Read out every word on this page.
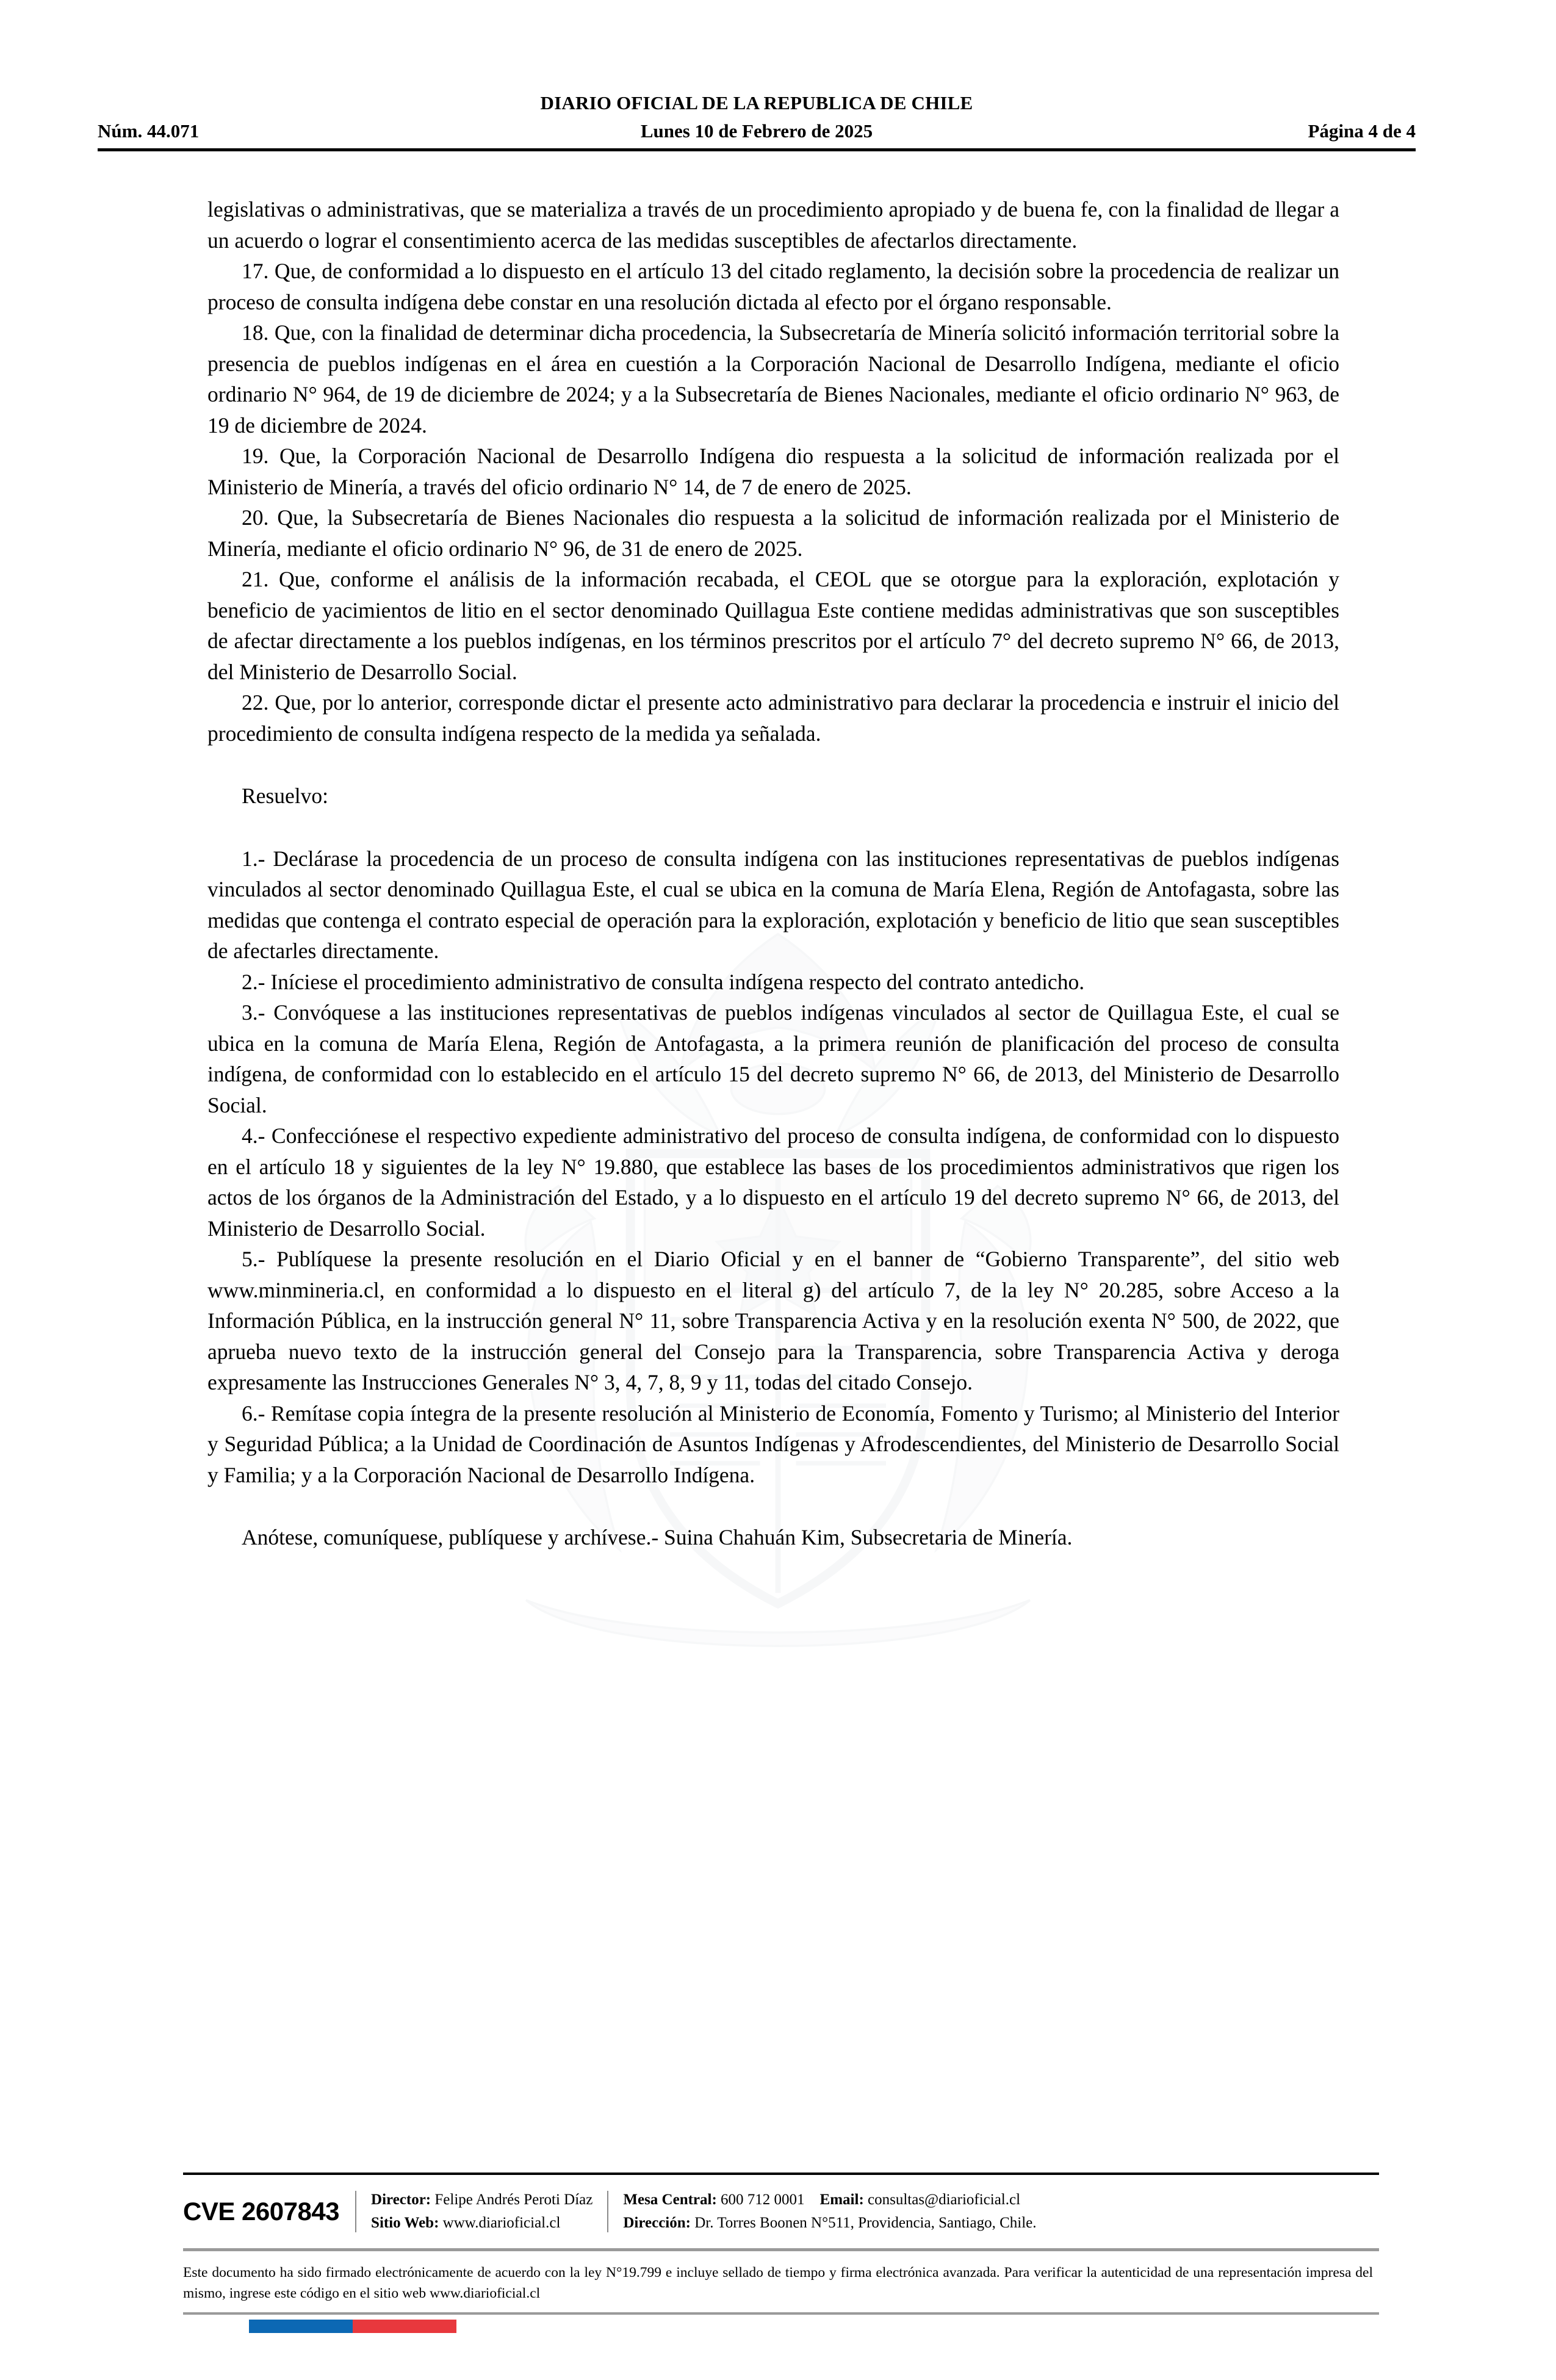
DIARIO OFICIAL DE LA REPUBLICA DE CHILE
Núm. 44.071	Lunes 10 de Febrero de 2025	Página 4 de 4

legislativas o administrativas, que se materializa a través de un procedimiento apropiado y de buena fe, con la finalidad de llegar a un acuerdo o lograr el consentimiento acerca de las medidas susceptibles de afectarlos directamente.

17. Que, de conformidad a lo dispuesto en el artículo 13 del citado reglamento, la decisión sobre la procedencia de realizar un proceso de consulta indígena debe constar en una resolución dictada al efecto por el órgano responsable.

18. Que, con la finalidad de determinar dicha procedencia, la Subsecretaría de Minería solicitó información territorial sobre la presencia de pueblos indígenas en el área en cuestión a la Corporación Nacional de Desarrollo Indígena, mediante el oficio ordinario N° 964, de 19 de diciembre de 2024; y a la Subsecretaría de Bienes Nacionales, mediante el oficio ordinario N° 963, de 19 de diciembre de 2024.

19. Que, la Corporación Nacional de Desarrollo Indígena dio respuesta a la solicitud de información realizada por el Ministerio de Minería, a través del oficio ordinario N° 14, de 7 de enero de 2025.

20. Que, la Subsecretaría de Bienes Nacionales dio respuesta a la solicitud de información realizada por el Ministerio de Minería, mediante el oficio ordinario N° 96, de 31 de enero de 2025.

21. Que, conforme el análisis de la información recabada, el CEOL que se otorgue para la exploración, explotación y beneficio de yacimientos de litio en el sector denominado Quillagua Este contiene medidas administrativas que son susceptibles de afectar directamente a los pueblos indígenas, en los términos prescritos por el artículo 7° del decreto supremo N° 66, de 2013, del Ministerio de Desarrollo Social.

22. Que, por lo anterior, corresponde dictar el presente acto administrativo para declarar la procedencia e instruir el inicio del procedimiento de consulta indígena respecto de la medida ya señalada.

Resuelvo:

1.- Declárase la procedencia de un proceso de consulta indígena con las instituciones representativas de pueblos indígenas vinculados al sector denominado Quillagua Este, el cual se ubica en la comuna de María Elena, Región de Antofagasta, sobre las medidas que contenga el contrato especial de operación para la exploración, explotación y beneficio de litio que sean susceptibles de afectarles directamente.

2.- Iníciese el procedimiento administrativo de consulta indígena respecto del contrato antedicho.

3.- Convóquese a las instituciones representativas de pueblos indígenas vinculados al sector de Quillagua Este, el cual se ubica en la comuna de María Elena, Región de Antofagasta, a la primera reunión de planificación del proceso de consulta indígena, de conformidad con lo establecido en el artículo 15 del decreto supremo N° 66, de 2013, del Ministerio de Desarrollo Social.

4.- Confecciónese el respectivo expediente administrativo del proceso de consulta indígena, de conformidad con lo dispuesto en el artículo 18 y siguientes de la ley N° 19.880, que establece las bases de los procedimientos administrativos que rigen los actos de los órganos de la Administración del Estado, y a lo dispuesto en el artículo 19 del decreto supremo N° 66, de 2013, del Ministerio de Desarrollo Social.

5.- Publíquese la presente resolución en el Diario Oficial y en el banner de “Gobierno Transparente”, del sitio web www.minmineria.cl, en conformidad a lo dispuesto en el literal g) del artículo 7, de la ley N° 20.285, sobre Acceso a la Información Pública, en la instrucción general N° 11, sobre Transparencia Activa y en la resolución exenta N° 500, de 2022, que aprueba nuevo texto de la instrucción general del Consejo para la Transparencia, sobre Transparencia Activa y deroga expresamente las Instrucciones Generales N° 3, 4, 7, 8, 9 y 11, todas del citado Consejo.

6.- Remítase copia íntegra de la presente resolución al Ministerio de Economía, Fomento y Turismo; al Ministerio del Interior y Seguridad Pública; a la Unidad de Coordinación de Asuntos Indígenas y Afrodescendientes, del Ministerio de Desarrollo Social y Familia; y a la Corporación Nacional de Desarrollo Indígena.

Anótese, comuníquese, publíquese y archívese.- Suina Chahuán Kim, Subsecretaria de Minería.

CVE 2607843	Director: Felipe Andrés Peroti Díaz
Sitio Web: www.diarioficial.cl
Mesa Central: 600 712 0001 Email: consultas@diarioficial.cl
Dirección: Dr. Torres Boonen N°511, Providencia, Santiago, Chile.
Este documento ha sido firmado electrónicamente de acuerdo con la ley N°19.799 e incluye sellado de tiempo y firma electrónica avanzada. Para verificar la autenticidad de una representación impresa del mismo, ingrese este código en el sitio web www.diarioficial.cl
